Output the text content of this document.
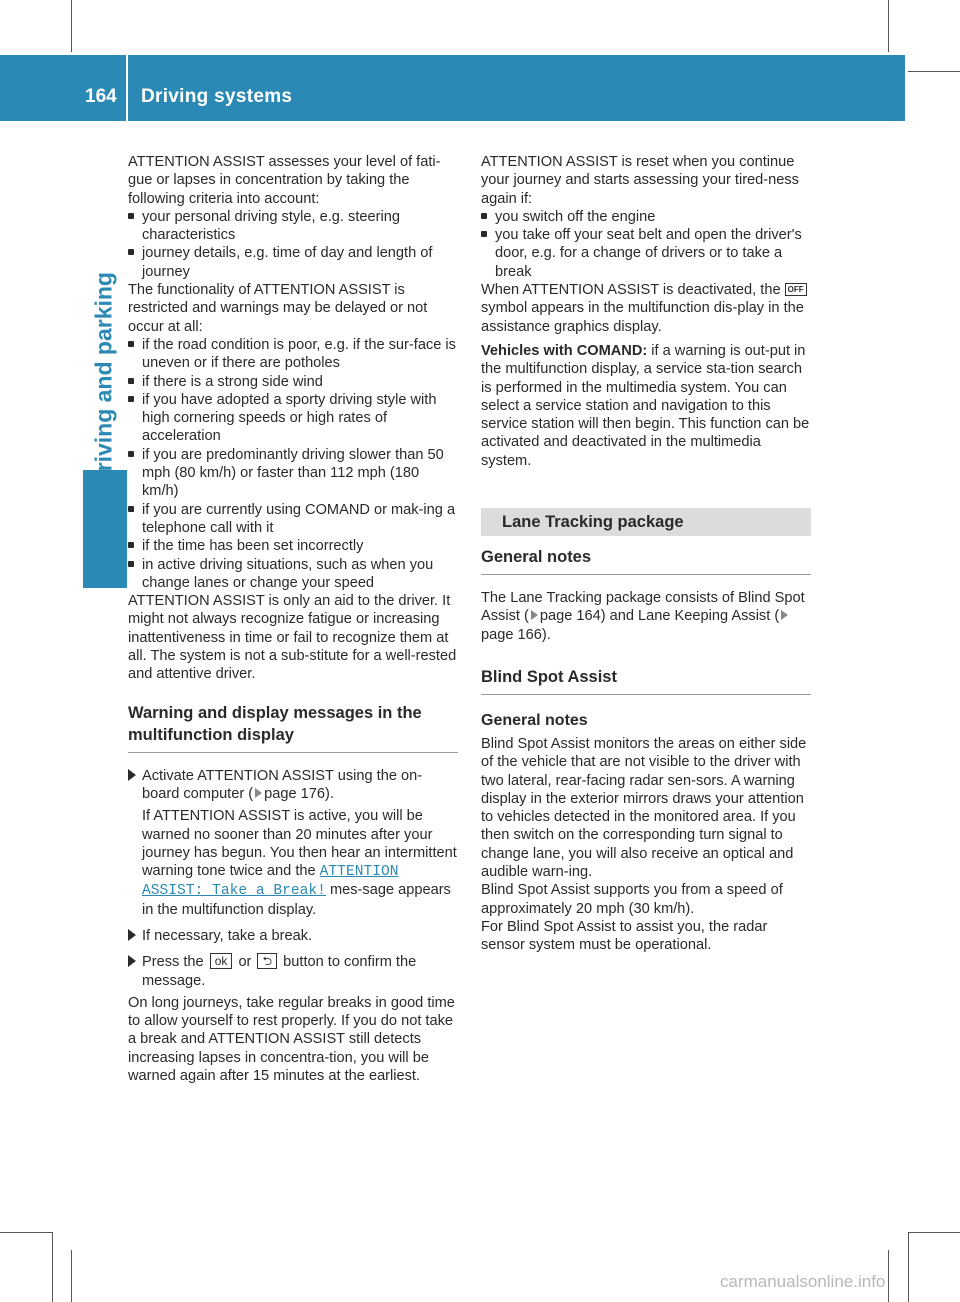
164 Driving systems
Driving and parking

ATTENTION ASSIST assesses your level of fati-gue or lapses in concentration by taking the following criteria into account:

your personal driving style, e.g. steering characteristics
journey details, e.g. time of day and length of journey

The functionality of ATTENTION ASSIST is restricted and warnings may be delayed or not occur at all:

if the road condition is poor, e.g. if the sur-face is uneven or if there are potholes
if there is a strong side wind
if you have adopted a sporty driving style with high cornering speeds or high rates of acceleration
if you are predominantly driving slower than 50 mph (80 km/h) or faster than 112 mph (180 km/h)
if you are currently using COMAND or mak-ing a telephone call with it
if the time has been set incorrectly
in active driving situations, such as when you change lanes or change your speed

ATTENTION ASSIST is only an aid to the driver. It might not always recognize fatigue or increasing inattentiveness in time or fail to recognize them at all. The system is not a sub-stitute for a well-rested and attentive driver.

Warning and display messages in the multifunction display
Activate ATTENTION ASSIST using the on-board computer ( page 176).
If ATTENTION ASSIST is active, you will be warned no sooner than 20 minutes after your journey has begun. You then hear an intermittent warning tone twice and the ATTENTION ASSIST: Take a Break! mes-sage appears in the multifunction display.
If necessary, take a break.
Press the ok or ⮌ button to confirm the message.

On long journeys, take regular breaks in good time to allow yourself to rest properly. If you do not take a break and ATTENTION ASSIST still detects increasing lapses in concentra-tion, you will be warned again after 15 minutes at the earliest.

ATTENTION ASSIST is reset when you continue your journey and starts assessing your tired-ness again if:

you switch off the engine
you take off your seat belt and open the driver's door, e.g. for a change of drivers or to take a break

When ATTENTION ASSIST is deactivated, the OFF symbol appears in the multifunction dis-play in the assistance graphics display.

Vehicles with COMAND: if a warning is out-put in the multifunction display, a service sta-tion search is performed in the multimedia system. You can select a service station and navigation to this service station will then begin. This function can be activated and deactivated in the multimedia system.

Lane Tracking package
General notes

The Lane Tracking package consists of Blind Spot Assist ( page 164) and Lane Keeping Assist (page 166).

Blind Spot Assist
General notes

Blind Spot Assist monitors the areas on either side of the vehicle that are not visible to the driver with two lateral, rear-facing radar sen-sors. A warning display in the exterior mirrors draws your attention to vehicles detected in the monitored area. If you then switch on the corresponding turn signal to change lane, you will also receive an optical and audible warn-ing.

Blind Spot Assist supports you from a speed of approximately 20 mph (30 km/h).

For Blind Spot Assist to assist you, the radar sensor system must be operational.

carmanualsonline.info
